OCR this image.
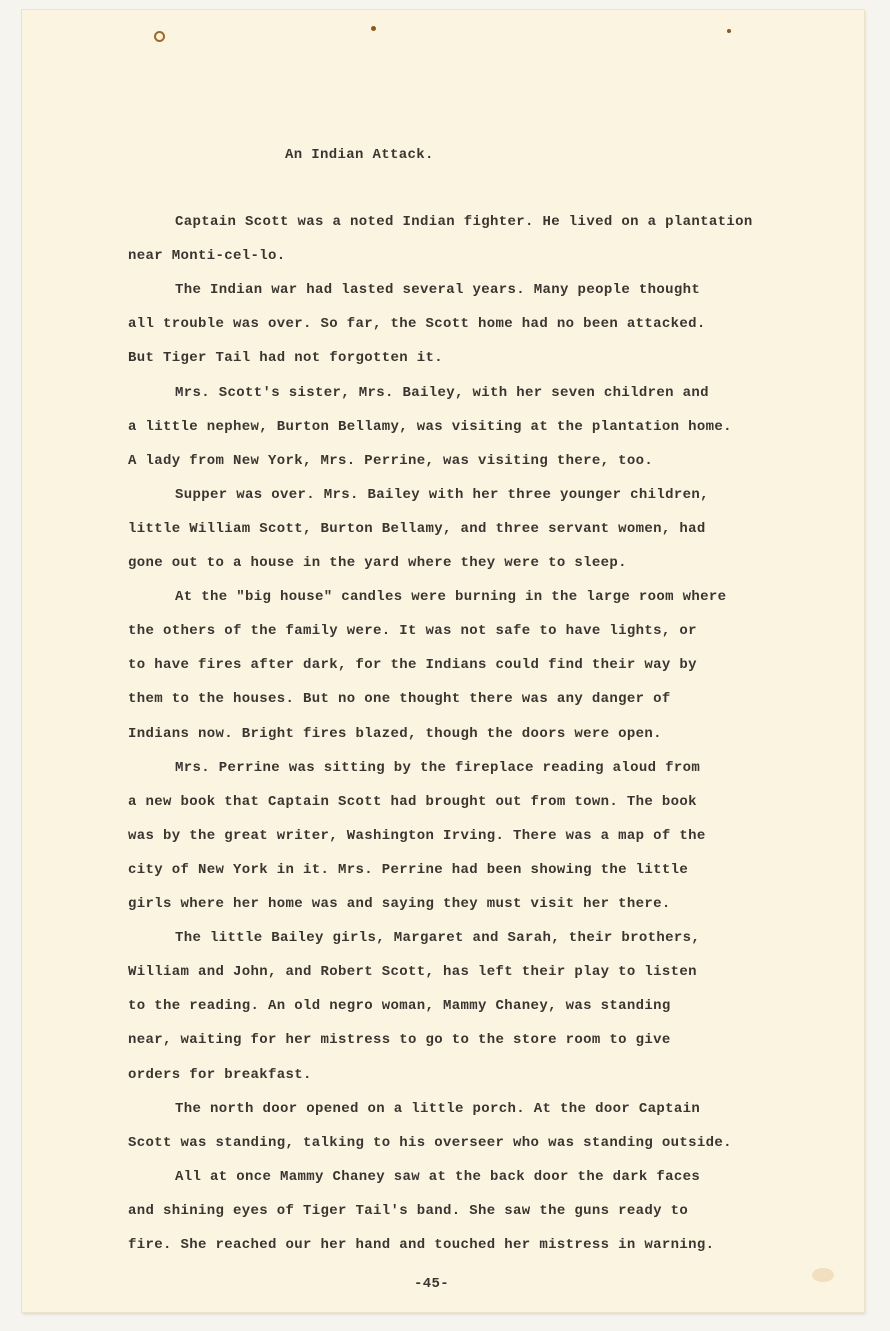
An Indian Attack.
-45-
Captain Scott was a noted Indian fighter. He lived on a plantation
near Monti-cel-lo.
The Indian war had lasted several years. Many people thought
all trouble was over. So far, the Scott home had no been attacked.
But Tiger Tail had not forgotten it.
Mrs. Scott's sister, Mrs. Bailey, with her seven children and
a little nephew, Burton Bellamy, was visiting at the plantation home.
A lady from New York, Mrs. Perrine, was visiting there, too.
Supper was over. Mrs. Bailey with her three younger children,
little William Scott, Burton Bellamy, and three servant women, had
gone out to a house in the yard where they were to sleep.
At the "big house" candles were burning in the large room where
the others of the family were. It was not safe to have lights, or
to have fires after dark, for the Indians could find their way by
them to the houses. But no one thought there was any danger of
Indians now. Bright fires blazed, though the doors were open.
Mrs. Perrine was sitting by the fireplace reading aloud from
a new book that Captain Scott had brought out from town. The book
was by the great writer, Washington Irving. There was a map of the
city of New York in it. Mrs. Perrine had been showing the little
girls where her home was and saying they must visit her there.
The little Bailey girls, Margaret and Sarah, their brothers,
William and John, and Robert Scott, has left their play to listen
to the reading. An old negro woman, Mammy Chaney, was standing
near, waiting for her mistress to go to the store room to give
orders for breakfast.
The north door opened on a little porch. At the door Captain
Scott was standing, talking to his overseer who was standing outside.
All at once Mammy Chaney saw at the back door the dark faces
and shining eyes of Tiger Tail's band. She saw the guns ready to
fire. She reached our her hand and touched her mistress in warning.
